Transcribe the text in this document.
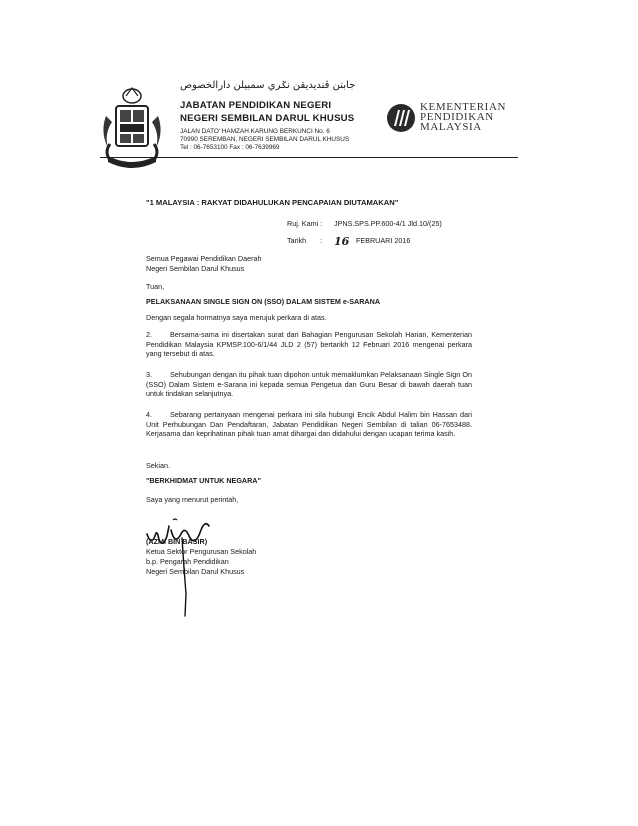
جابتن ڤنديديقن نݢري سمبيلن دارالخصوص
JABATAN PENDIDIKAN NEGERI
NEGERI SEMBILAN DARUL KHUSUS
JALAN DATO' HAMZAH KARUNG BERKUNCI No. 6
70990 SEREMBAN, NEGERI SEMBILAN DARUL KHUSUS
Tel : 06-7653100 Fax : 06-7639969
KEMENTERIAN
PENDIDIKAN
MALAYSIA
"1 MALAYSIA : RAKYAT DIDAHULUKAN PENCAPAIAN DIUTAMAKAN"
Ruj. Kami : JPNS.SPS.PP.600-4/1 Jld.10/(25)
Tarikh : 16 FEBRUARI 2016
Semua Pegawai Pendidikan Daerah
Negeri Sembilan Darul Khusus
Tuan,
PELAKSANAAN SINGLE SIGN ON (SSO) DALAM SISTEM e-SARANA
Dengan segala hormatnya saya merujuk perkara di atas.
2.	Bersama-sama ini disertakan surat dari Bahagian Pengurusan Sekolah Harian, Kementerian Pendidikan Malaysia KPMSP.100-6/1/44 JLD 2 (57) bertarikh 12 Februari 2016 mengenai perkara yang tersebut di atas.
3.	Sehubungan dengan itu pihak tuan dipohon untuk memaklumkan Pelaksanaan Single Sign On (SSO) Dalam Sistem e-Sarana ini kepada semua Pengetua dan Guru Besar di bawah daerah tuan untuk tindakan selanjutnya.
4.	Sebarang pertanyaan mengenai perkara ini sila hubungi Encik Abdul Halim bin Hassan dari Unit Perhubungan Dan Pendaftaran, Jabatan Pendidikan Negeri Sembilan di talian 06-7653488. Kerjasama dan keprihatinan pihak tuan amat dihargai dan didahului dengan ucapan terima kasih.
Sekian.
"BERKHIDMAT UNTUK NEGARA"
Saya yang menurut perintah,
(AZMI BIN BASIR)
Ketua Sektor Pengurusan Sekolah
b.p. Pengarah Pendidikan
Negeri Sembilan Darul Khusus
